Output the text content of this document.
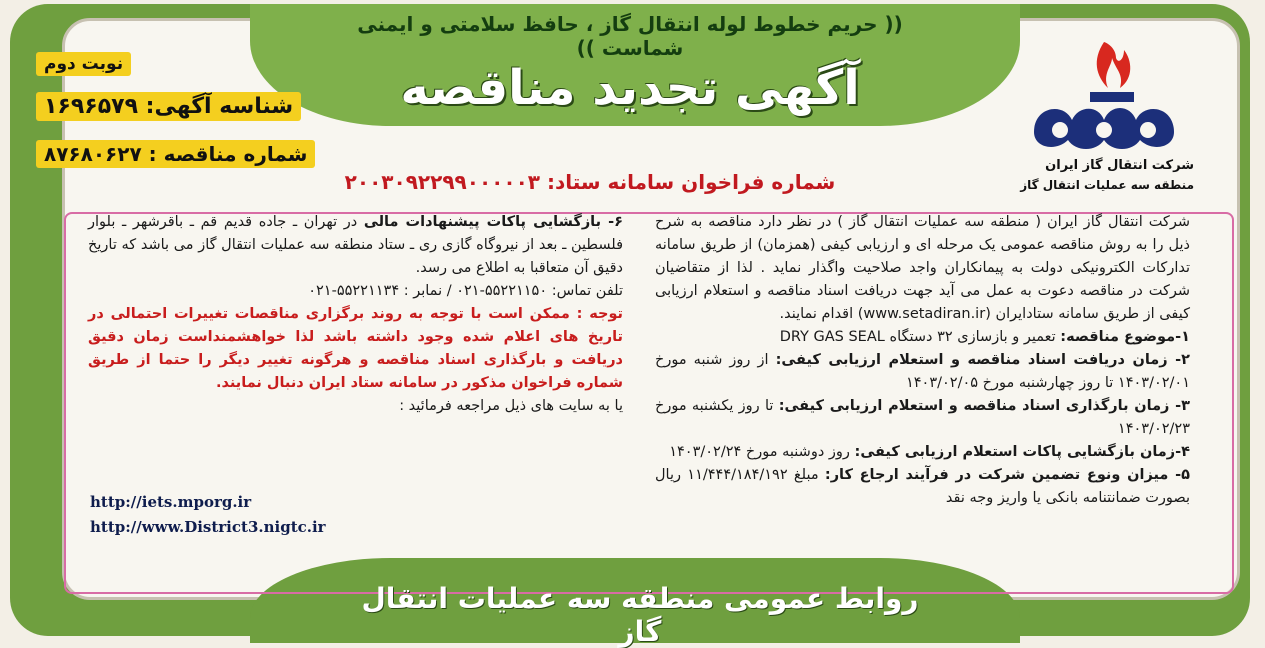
(( حریم خطوط لوله انتقال گاز ، حافظ سلامتی و ایمنی شماست ))
آگهی تجدید مناقصه
شرکت انتقال گاز ایران
منطقه سه عملیات انتقال گاز
نوبت دوم
شناسه آگهی: ۱۶۹۶۵۷۹
شماره مناقصه : ۸۷۶۸۰۶۲۷
شماره فراخوان سامانه ستاد: ۲۰۰۳۰۹۲۲۹۹۰۰۰۰۰۳

شرکت انتقال گاز ایران ( منطقه سه عملیات انتقال گاز ) در نظر دارد مناقصه به شرح ذیل را به روش مناقصه عمومی یک مرحله ای و ارزیابی کیفی (همزمان) از طریق سامانه تدارکات الکترونیکی دولت به پیمانکاران واجد صلاحیت واگذار نماید . لذا از متقاضیان شرکت در مناقصه دعوت به عمل می آید جهت دریافت اسناد مناقصه و استعلام ارزیابی کیفی از طریق سامانه ستادایران (www.setadiran.ir) اقدام نمایند.

۱-موضوع مناقصه: تعمیر و بازسازی ۳۲ دستگاه DRY GAS SEAL

۲- زمان دریافت اسناد مناقصه و استعلام ارزیابی کیفی: از روز شنبه مورخ ۱۴۰۳/۰۲/۰۱ تا روز چهارشنبه مورخ ۱۴۰۳/۰۲/۰۵

۳- زمان بارگذاری اسناد مناقصه و استعلام ارزیابی کیفی: تا روز یکشنبه مورخ ۱۴۰۳/۰۲/۲۳

۴-زمان بازگشایی پاکات استعلام ارزیابی کیفی: روز دوشنبه مورخ ۱۴۰۳/۰۲/۲۴

۵- میزان ونوع تضمین شرکت در فرآیند ارجاع کار: مبلغ ۱۱/۴۴۴/۱۸۴/۱۹۲ ریال بصورت ضمانتنامه بانکی یا واریز وجه نقد

۶- بازگشایی پاکات پیشنهادات مالی در تهران ـ جاده قدیم قم ـ باقرشهر ـ بلوار فلسطین ـ بعد از نیروگاه گازی ری ـ ستاد منطقه سه عملیات انتقال گاز می باشد که تاریخ دقیق آن متعاقبا به اطلاع می رسد.

تلفن تماس: ۵۵۲۲۱۱۵۰-۰۲۱ / نمابر : ۵۵۲۲۱۱۳۴-۰۲۱

توجه : ممکن است با توجه به روند برگزاری مناقصات تغییرات احتمالی در تاریخ های اعلام شده وجود داشته باشد لذا خواهشمنداست زمان دقیق دریافت و بارگذاری اسناد مناقصه و هرگونه تغییر دیگر را حتما از طریق شماره فراخوان مذکور در سامانه ستاد ایران دنبال نمایند.

یا به سایت های ذیل مراجعه فرمائید :

http://iets.mporg.ir
http://www.District3.nigtc.ir
روابط عمومی منطقه سه عملیات انتقال گاز
